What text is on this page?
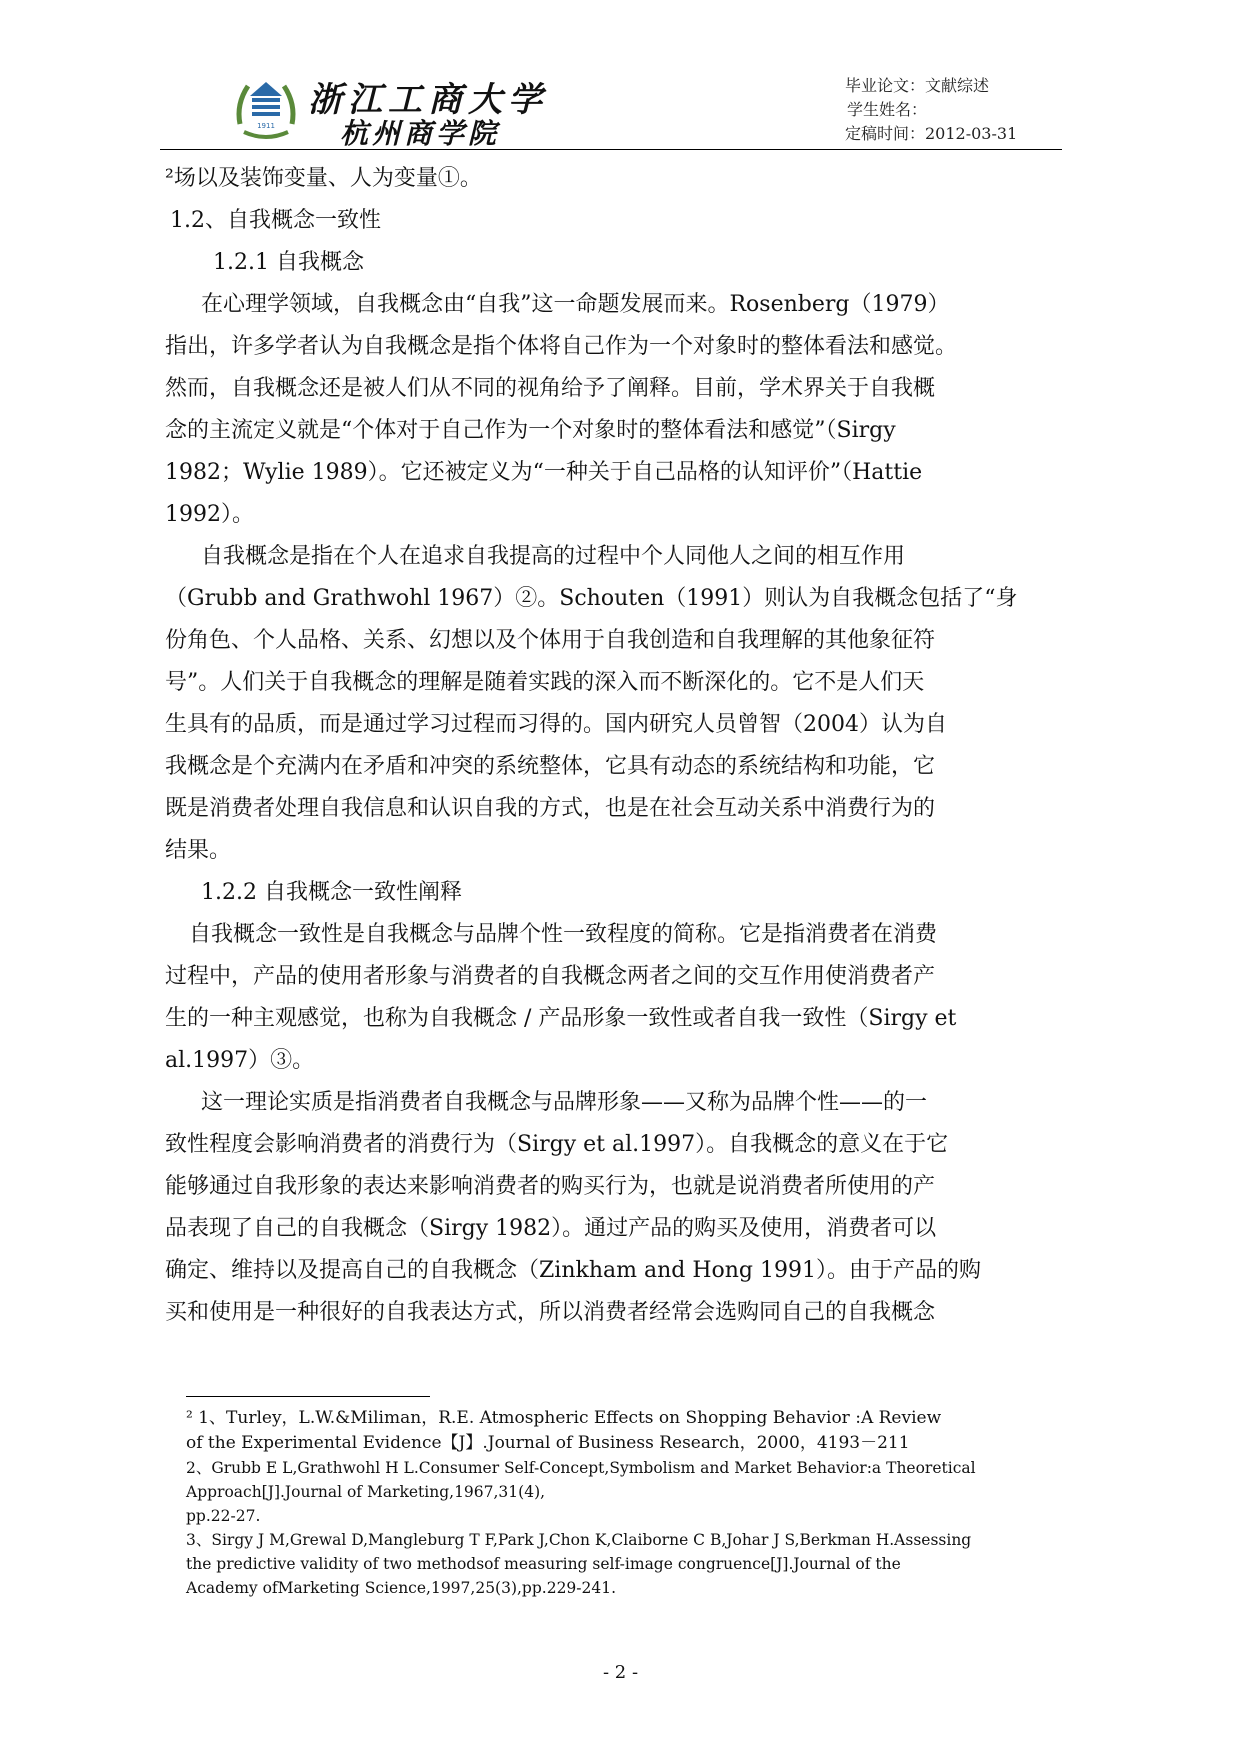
1911
浙江工商大学
杭州商学院
毕业论文：文献综述
学生姓名：
定稿时间：2012-03-31
²场以及装饰变量、人为变量①。
1.2、自我概念一致性
1.2.1 自我概念
在心理学领域，自我概念由“自我”这一命题发展而来。Rosenberg（1979）
指出，许多学者认为自我概念是指个体将自己作为一个对象时的整体看法和感觉。
然而，自我概念还是被人们从不同的视角给予了阐释。目前，学术界关于自我概
念的主流定义就是“个体对于自己作为一个对象时的整体看法和感觉”（Sirgy
1982；Wylie 1989）。它还被定义为“一种关于自己品格的认知评价”（Hattie
1992）。
自我概念是指在个人在追求自我提高的过程中个人同他人之间的相互作用
（Grubb and Grathwohl 1967）②。Schouten（1991）则认为自我概念包括了“身
份角色、个人品格、关系、幻想以及个体用于自我创造和自我理解的其他象征符
号”。人们关于自我概念的理解是随着实践的深入而不断深化的。它不是人们天
生具有的品质，而是通过学习过程而习得的。国内研究人员曾智（2004）认为自
我概念是个充满内在矛盾和冲突的系统整体，它具有动态的系统结构和功能，它
既是消费者处理自我信息和认识自我的方式，也是在社会互动关系中消费行为的
结果。
1.2.2 自我概念一致性阐释
自我概念一致性是自我概念与品牌个性一致程度的简称。它是指消费者在消费
过程中，产品的使用者形象与消费者的自我概念两者之间的交互作用使消费者产
生的一种主观感觉，也称为自我概念 / 产品形象一致性或者自我一致性（Sirgy et
al.1997）③。
这一理论实质是指消费者自我概念与品牌形象——又称为品牌个性——的一
致性程度会影响消费者的消费行为（Sirgy et al.1997）。自我概念的意义在于它
能够通过自我形象的表达来影响消费者的购买行为，也就是说消费者所使用的产
品表现了自己的自我概念（Sirgy 1982）。通过产品的购买及使用，消费者可以
确定、维持以及提高自己的自我概念（Zinkham and Hong 1991）。由于产品的购
买和使用是一种很好的自我表达方式，所以消费者经常会选购同自己的自我概念
² 1、Turley，L.W.&Miliman，R.E. Atmospheric Effects on Shopping Behavior :A Review
of the Experimental Evidence【J】.Journal of Business Research，2000，4193－211
2、Grubb E L,Grathwohl H L.Consumer Self-Concept,Symbolism and Market Behavior:a Theoretical
Approach[J].Journal of Marketing,1967,31(4),
pp.22-27.
3、Sirgy J M,Grewal D,Mangleburg T F,Park J,Chon K,Claiborne C B,Johar J S,Berkman H.Assessing
the predictive validity of two methodsof measuring self-image congruence[J].Journal of the
Academy ofMarketing Science,1997,25(3),pp.229-241.
- 2 -
